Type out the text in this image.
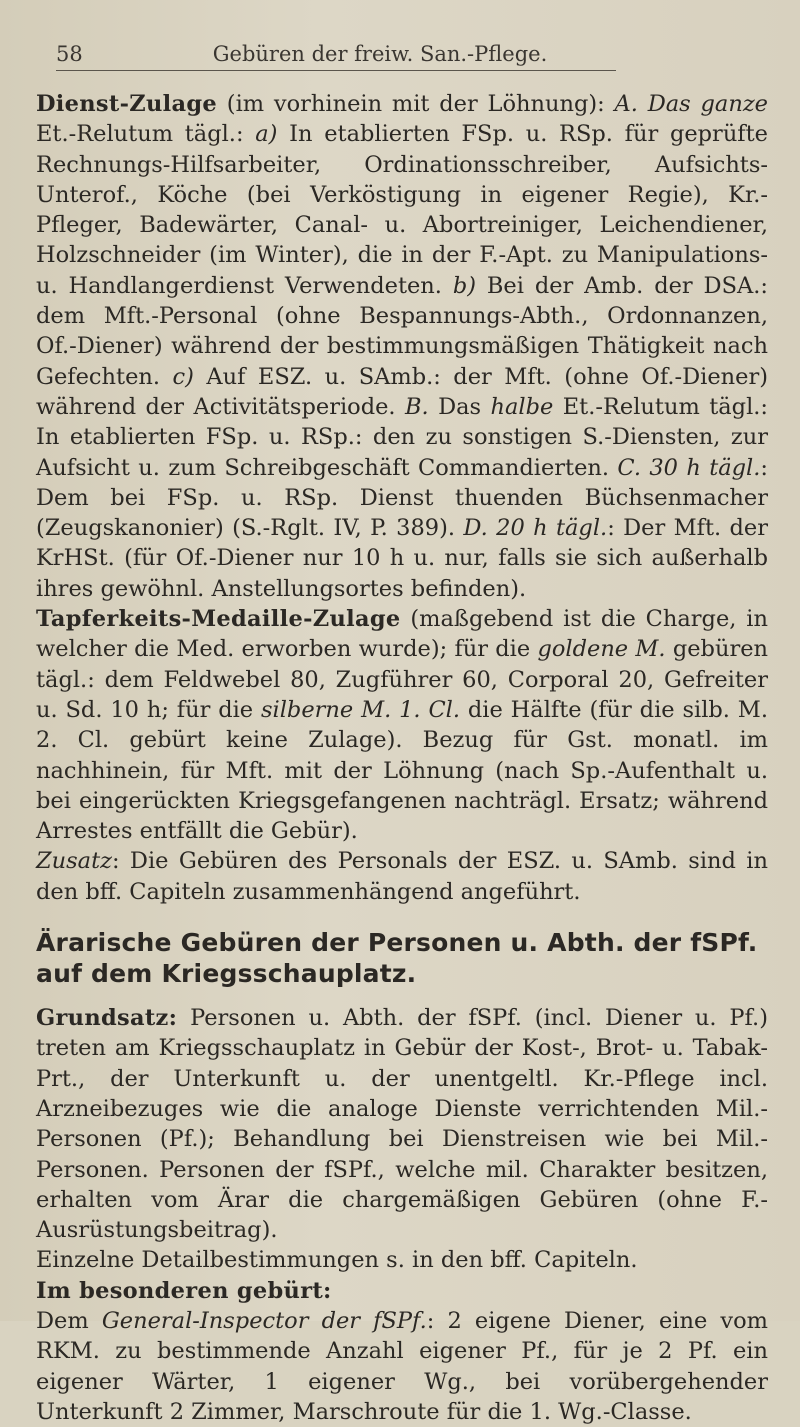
58	Gebüren der freiw. San.-Pflege.

Dienst-Zulage (im vorhinein mit der Löhnung): A. Das ganze Et.-Relutum tägl.: a) In etablierten FSp. u. RSp. für geprüfte Rechnungs-Hilfsarbeiter, Ordinationsschreiber, Aufsichts-Unterof., Köche (bei Verköstigung in eigener Regie), Kr.-Pfleger, Badewärter, Canal- u. Abortreiniger, Leichendiener, Holzschneider (im Winter), die in der F.-Apt. zu Manipulations- u. Handlangerdienst Verwendeten. b) Bei der Amb. der DSA.: dem Mft.-Personal (ohne Bespannungs-Abth., Ordonnanzen, Of.-Diener) während der bestimmungsmäßigen Thätigkeit nach Gefechten. c) Auf ESZ. u. SAmb.: der Mft. (ohne Of.-Diener) während der Activitätsperiode. B. Das halbe Et.-Relutum tägl.: In etablierten FSp. u. RSp.: den zu sonstigen S.-Diensten, zur Aufsicht u. zum Schreibgeschäft Commandierten. C. 30 h tägl.: Dem bei FSp. u. RSp. Dienst thuenden Büchsenmacher (Zeugskanonier) (S.-Rglt. IV, P. 389). D. 20 h tägl.: Der Mft. der KrHSt. (für Of.-Diener nur 10 h u. nur, falls sie sich außerhalb ihres gewöhnl. Anstellungsortes befinden).

Tapferkeits-Medaille-Zulage (maßgebend ist die Charge, in welcher die Med. erworben wurde); für die goldene M. gebüren tägl.: dem Feldwebel 80, Zugführer 60, Corporal 20, Gefreiter u. Sd. 10 h; für die silberne M. 1. Cl. die Hälfte (für die silb. M. 2. Cl. gebürt keine Zulage). Bezug für Gst. monatl. im nachhinein, für Mft. mit der Löhnung (nach Sp.-Aufenthalt u. bei eingerückten Kriegsgefangenen nachträgl. Ersatz; während Arrestes entfällt die Gebür).

Zusatz: Die Gebüren des Personals der ESZ. u. SAmb. sind in den bff. Capiteln zusammenhängend angeführt.

Ärarische Gebüren der Personen u. Abth. der fSPf. auf dem Kriegsschauplatz.

Grundsatz: Personen u. Abth. der fSPf. (incl. Diener u. Pf.) treten am Kriegsschauplatz in Gebür der Kost-, Brot- u. Tabak-Prt., der Unterkunft u. der unentgeltl. Kr.-Pflege incl. Arzneibezuges wie die analoge Dienste verrichtenden Mil.-Personen (Pf.); Behandlung bei Dienstreisen wie bei Mil.-Personen. Personen der fSPf., welche mil. Charakter besitzen, erhalten vom Ärar die chargemäßigen Gebüren (ohne F.-Ausrüstungsbeitrag).

Einzelne Detailbestimmungen s. in den bff. Capiteln.

Im besonderen gebürt:

Dem General-Inspector der fSPf.: 2 eigene Diener, eine vom RKM. zu bestimmende Anzahl eigener Pf., für je 2 Pf. ein eigener Wärter, 1 eigener Wg., bei vorübergehender Unterkunft 2 Zimmer, Marschroute für die 1. Wg.-Classe.
